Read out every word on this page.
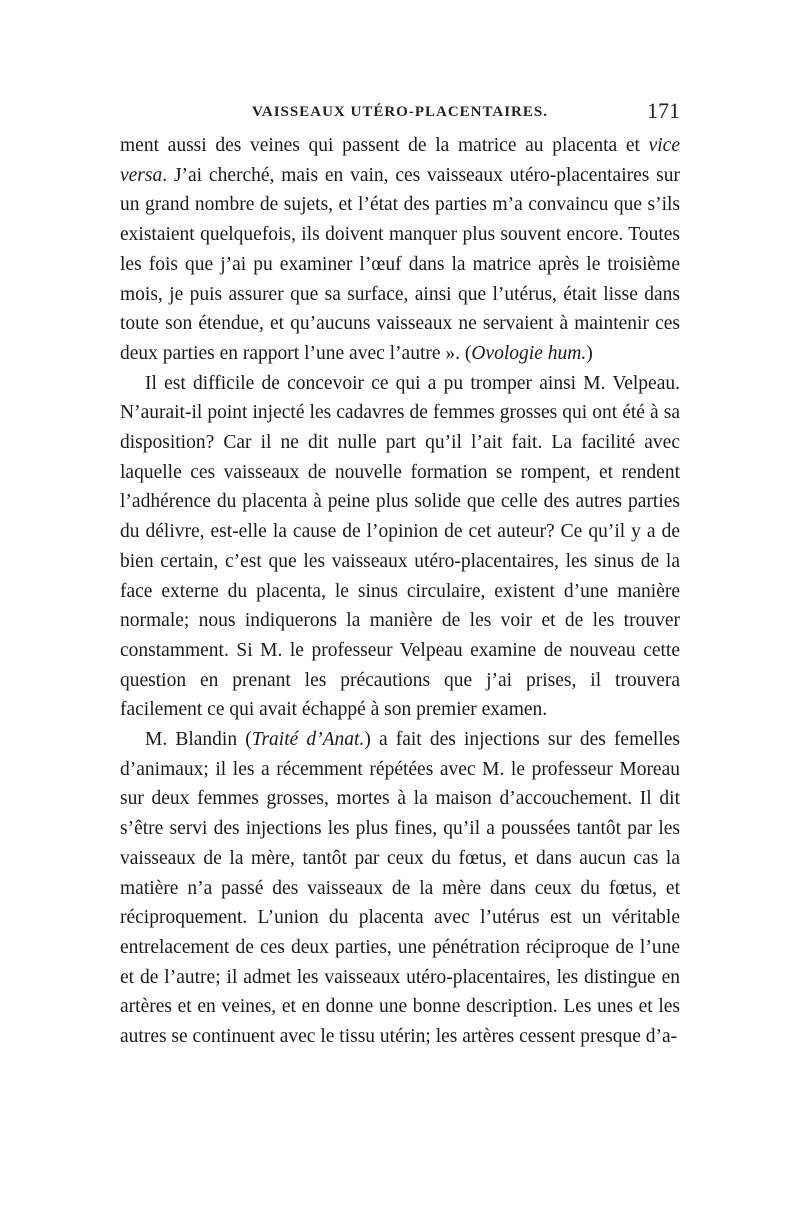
VAISSEAUX UTÉRO-PLACENTAIRES.	171

ment aussi des veines qui passent de la matrice au placenta et vice versa. J’ai cherché, mais en vain, ces vaisseaux utéro-placentaires sur un grand nombre de sujets, et l’état des parties m’a convaincu que s’ils existaient quelquefois, ils doivent manquer plus souvent encore. Toutes les fois que j’ai pu examiner l’œuf dans la matrice après le troisième mois, je puis assurer que sa surface, ainsi que l’utérus, était lisse dans toute son étendue, et qu’aucuns vaisseaux ne servaient à maintenir ces deux parties en rapport l’une avec l’autre ». (Ovologie hum.)

Il est difficile de concevoir ce qui a pu tromper ainsi M. Velpeau. N’aurait-il point injecté les cadavres de femmes grosses qui ont été à sa disposition? Car il ne dit nulle part qu’il l’ait fait. La facilité avec laquelle ces vaisseaux de nouvelle formation se rompent, et rendent l’adhérence du placenta à peine plus solide que celle des autres parties du délivre, est-elle la cause de l’opinion de cet auteur? Ce qu’il y a de bien certain, c’est que les vaisseaux utéro-placentaires, les sinus de la face externe du placenta, le sinus circulaire, existent d’une manière normale; nous indiquerons la manière de les voir et de les trouver constamment. Si M. le professeur Velpeau examine de nouveau cette question en prenant les précautions que j’ai prises, il trouvera facilement ce qui avait échappé à son premier examen.

M. Blandin (Traité d’Anat.) a fait des injections sur des femelles d’animaux; il les a récemment répétées avec M. le professeur Moreau sur deux femmes grosses, mortes à la maison d’accouchement. Il dit s’être servi des injections les plus fines, qu’il a poussées tantôt par les vaisseaux de la mère, tantôt par ceux du fœtus, et dans aucun cas la matière n’a passé des vaisseaux de la mère dans ceux du fœtus, et réciproquement. L’union du placenta avec l’utérus est un véritable entrelacement de ces deux parties, une pénétration réciproque de l’une et de l’autre; il admet les vaisseaux utéro-placentaires, les distingue en artères et en veines, et en donne une bonne description. Les unes et les autres se continuent avec le tissu utérin; les artères cessent presque d’a-
